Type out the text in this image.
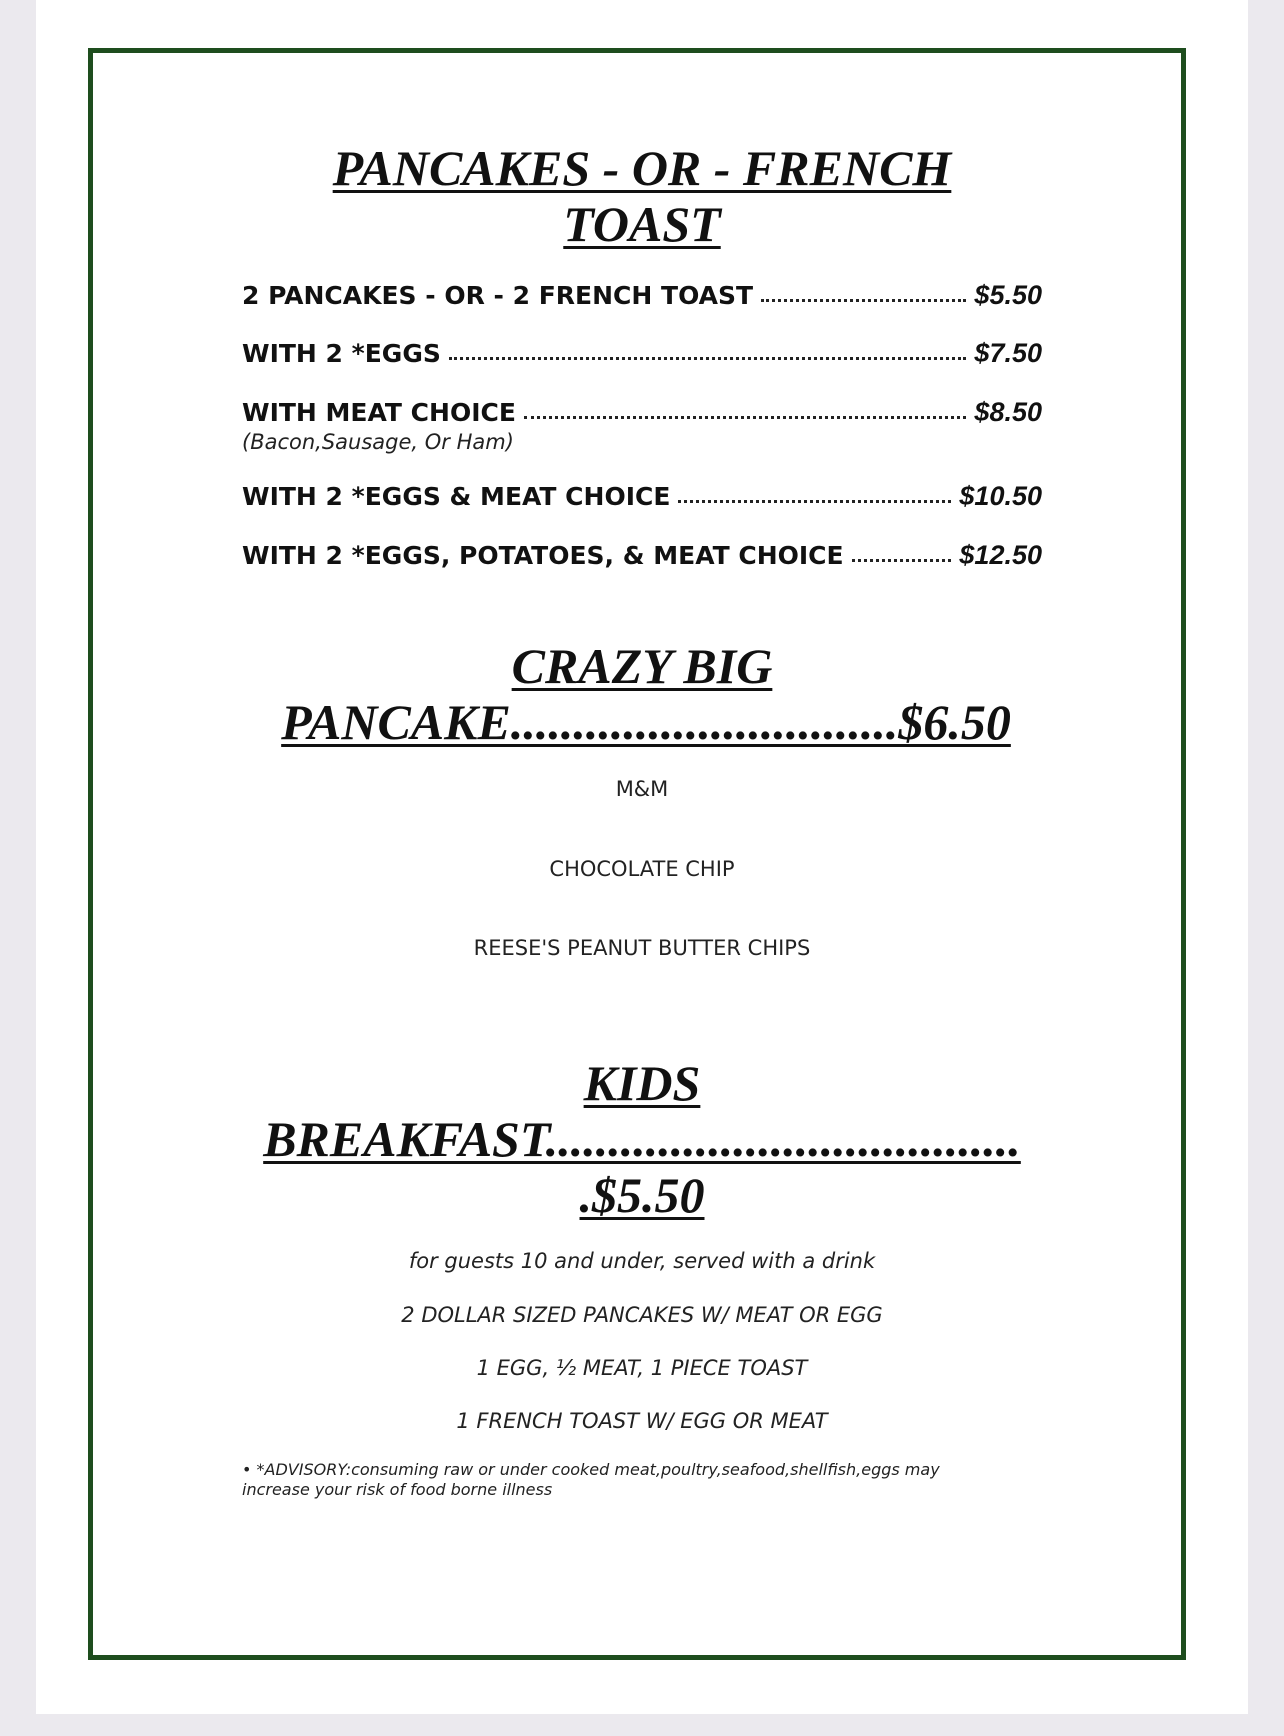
PANCAKES - OR - FRENCH
TOAST
2 PANCAKES - OR - 2 FRENCH TOAST	$5.50
WITH 2 *EGGS	$7.50
WITH MEAT CHOICE	$8.50
(Bacon,Sausage, Or Ham)
WITH 2 *EGGS & MEAT CHOICE	$10.50
WITH 2 *EGGS, POTATOES, & MEAT CHOICE	$12.50
CRAZY BIG
PANCAKE...............................$6.50
M&M
CHOCOLATE CHIP
REESE'S PEANUT BUTTER CHIPS
KIDS
BREAKFAST......................................
.$5.50
for guests 10 and under, served with a drink
2 DOLLAR SIZED PANCAKES W/ MEAT OR EGG
1 EGG, ½ MEAT, 1 PIECE TOAST
1 FRENCH TOAST W/ EGG OR MEAT
• *ADVISORY:consuming raw or under cooked meat,poultry,seafood,shellfish,eggs may increase your risk of food borne illness
